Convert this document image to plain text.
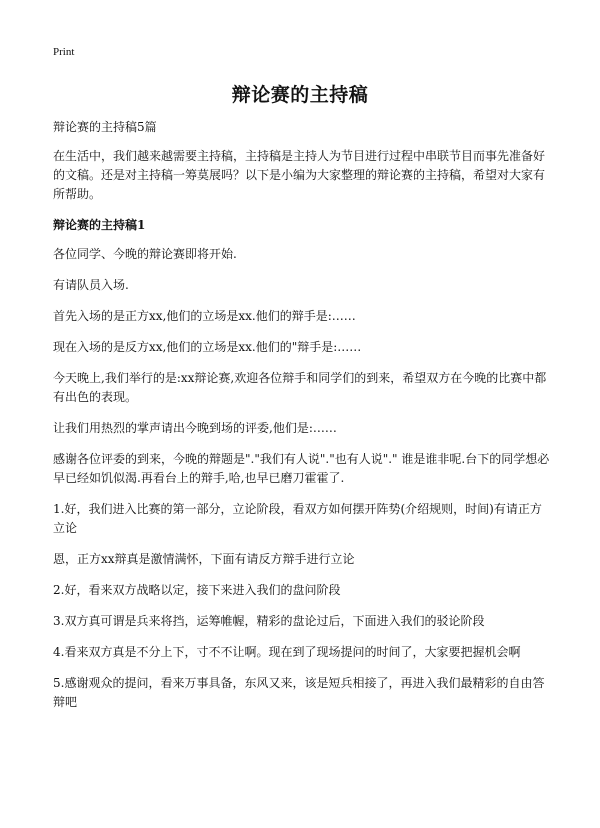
Print
辩论赛的主持稿

辩论赛的主持稿5篇

在生活中，我们越来越需要主持稿，主持稿是主持人为节目进行过程中串联节目而事先准备好的文稿。还是对主持稿一筹莫展吗？以下是小编为大家整理的辩论赛的主持稿，希望对大家有所帮助。

辩论赛的主持稿1

各位同学、今晚的辩论赛即将开始.

有请队员入场.

首先入场的是正方xx,他们的立场是xx.他们的辩手是:……

现在入场的是反方xx,他们的立场是xx.他们的"辩手是:……

今天晚上,我们举行的是:xx辩论赛,欢迎各位辩手和同学们的到来，希望双方在今晚的比赛中都有出色的表现。

让我们用热烈的掌声请出今晚到场的评委,他们是:……

感谢各位评委的到来，今晚的辩题是"."我们有人说"."也有人说"." 谁是谁非呢.台下的同学想必早已经如饥似渴.再看台上的辩手,哈,也早已磨刀霍霍了.

1.好，我们进入比赛的第一部分，立论阶段，看双方如何摆开阵势(介绍规则，时间)有请正方立论

恩，正方xx辩真是激情满怀，下面有请反方辩手进行立论

2.好，看来双方战略以定，接下来进入我们的盘问阶段

3.双方真可谓是兵来将挡，运筹帷幄，精彩的盘论过后，下面进入我们的驳论阶段

4.看来双方真是不分上下，寸不不让啊。现在到了现场提问的时间了，大家要把握机会啊

5.感谢观众的提问，看来万事具备，东风又来，该是短兵相接了，再进入我们最精彩的自由答辩吧
